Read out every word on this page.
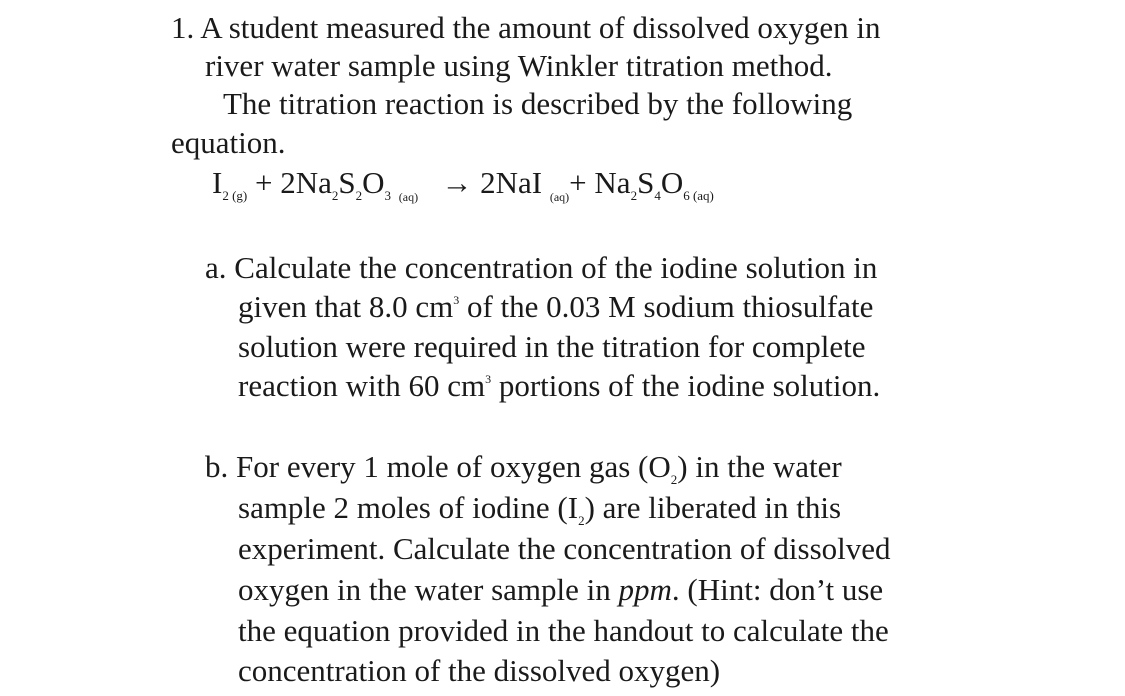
1. A student measured the amount of dissolved oxygen in
river water sample using Winkler titration method.
The titration reaction is described by the following
equation.
$I_{2 (g)} + 2Na_2S_2O_3$ $_{(aq)}$ → 2NaI $_{(aq)}+ Na_2S_4O_{6 (aq)}$
a. Calculate the concentration of the iodine solution in
given that 8.0 $cm^3$ of the 0.03 M sodium thiosulfate
solution were required in the titration for complete
reaction with 60 $cm^3$ portions of the iodine solution.
b. For every 1 mole of oxygen gas $(O_2)$ in the water
sample 2 moles of iodine $(I_2)$ are liberated in this
experiment. Calculate the concentration of dissolved
oxygen in the water sample in ppm. (Hint: don’t use
the equation provided in the handout to calculate the
concentration of the dissolved oxygen)
